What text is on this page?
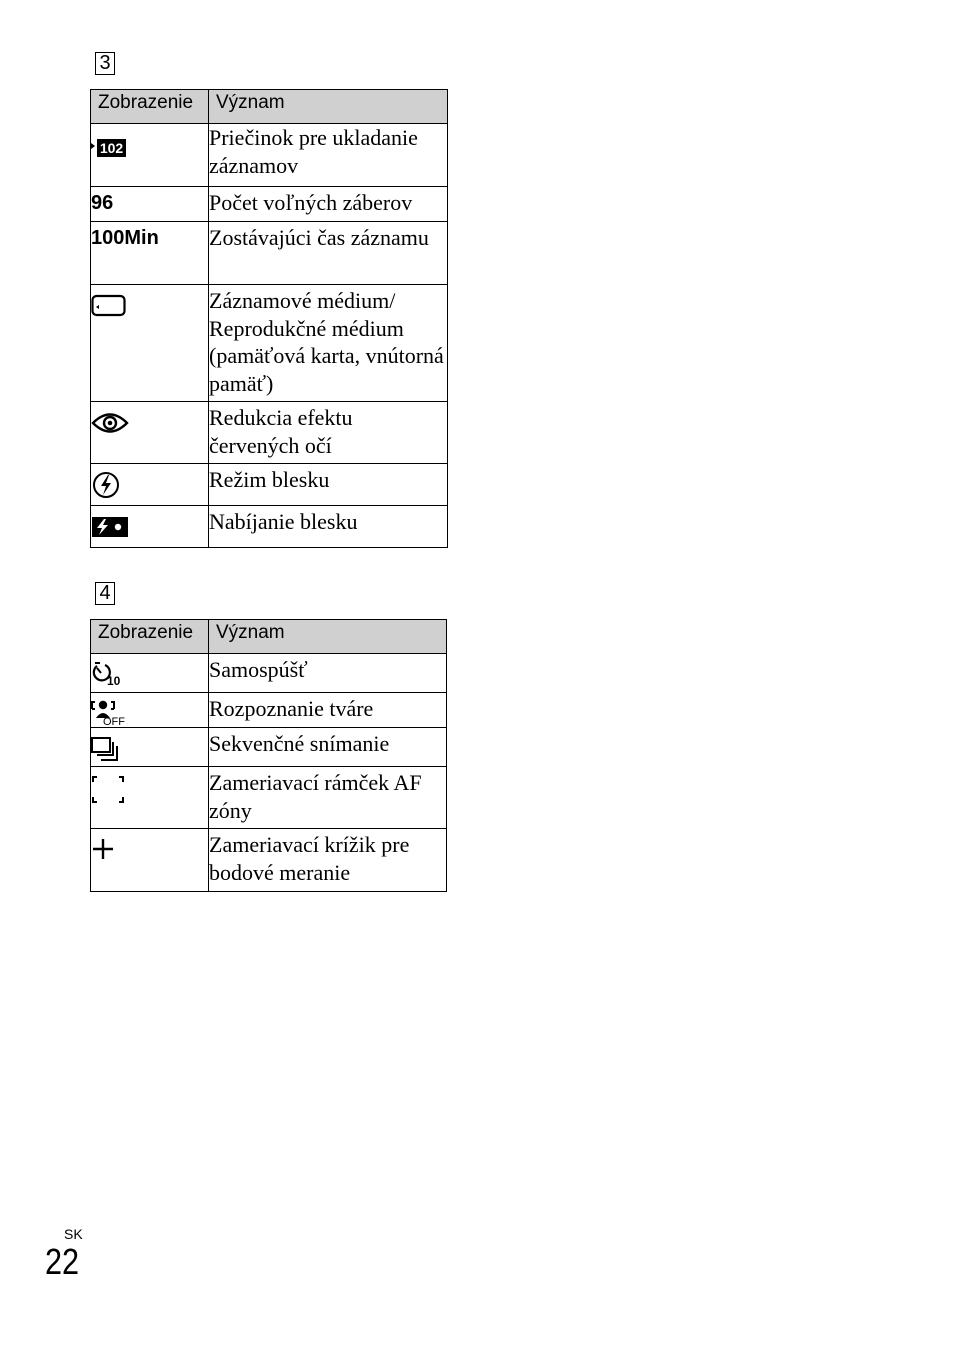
3
Zobrazenie	Význam

102	Priečinok pre ukladanie záznamov
96	Počet voľných záberov
100Min	Zostávajúci čas záznamu

	Záznamové médium/ Reprodukčné médium (pamäťová karta, vnútorná pamäť)

	Redukcia efektu červených očí

	Režim blesku

	Nabíjanie blesku
4
Zobrazenie	Význam

10	Samospúšť

OFF	Rozpoznanie tváre

	Sekvenčné snímanie

	Zameriavací rámček AF zóny

	Zameriavací krížik pre bodové meranie
SK
22
